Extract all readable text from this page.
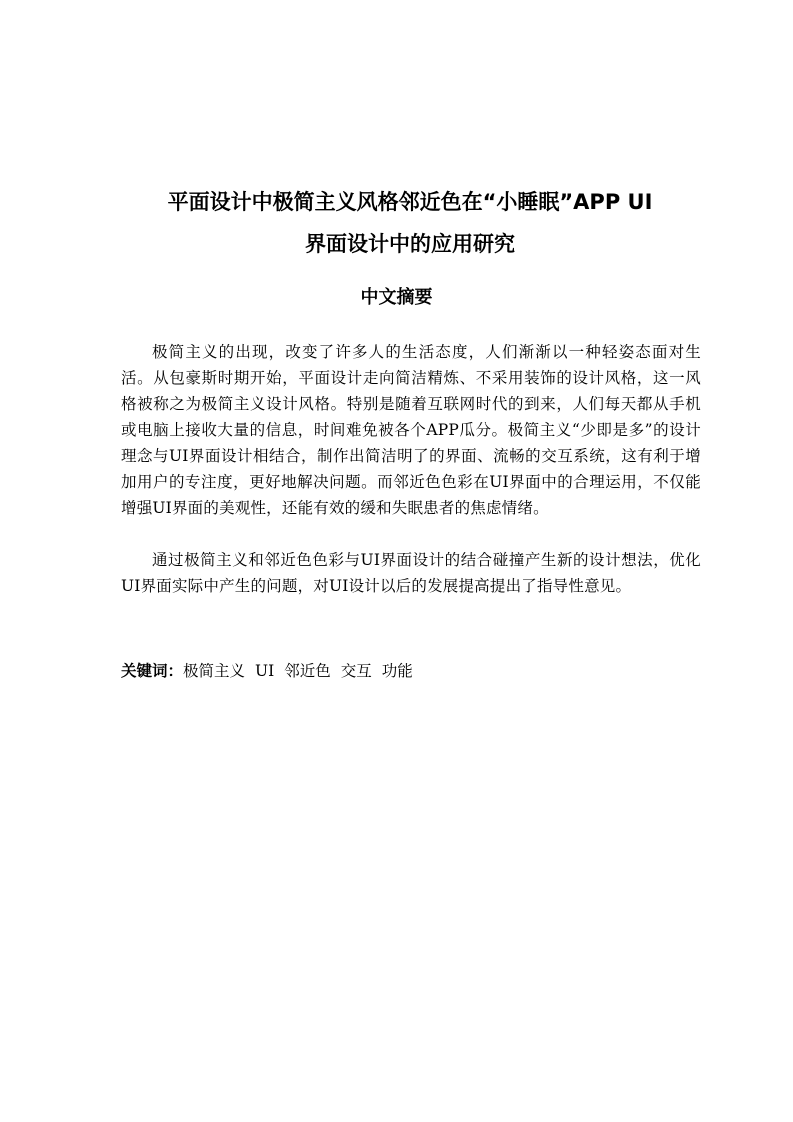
平面设计中极简主义风格邻近色在“小睡眠”APP UI
界面设计中的应用研究
中文摘要

极简主义的出现，改变了许多人的生活态度，人们渐渐以一种轻姿态面对生活。从包豪斯时期开始，平面设计走向简洁精炼、不采用装饰的设计风格，这一风格被称之为极简主义设计风格。特别是随着互联网时代的到来，人们每天都从手机或电脑上接收大量的信息，时间难免被各个APP瓜分。极简主义“少即是多”的设计理念与UI界面设计相结合，制作出简洁明了的界面、流畅的交互系统，这有利于增加用户的专注度，更好地解决问题。而邻近色色彩在UI界面中的合理运用，不仅能增强UI界面的美观性，还能有效的缓和失眠患者的焦虑情绪。

通过极简主义和邻近色色彩与UI界面设计的结合碰撞产生新的设计想法，优化UI界面实际中产生的问题，对UI设计以后的发展提高提出了指导性意见。

关键词：极简主义 UI 邻近色 交互 功能
